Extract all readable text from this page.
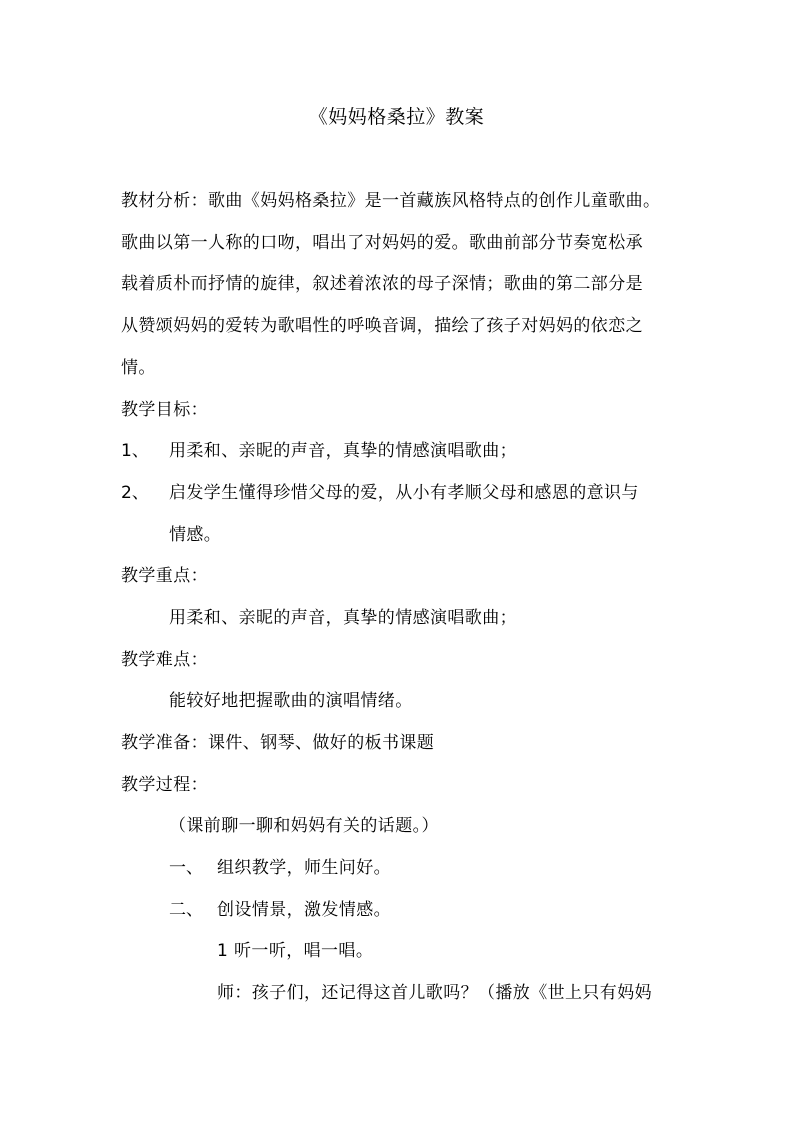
《妈妈格桑拉》教案
教材分析：歌曲《妈妈格桑拉》是一首藏族风格特点的创作儿童歌曲。
歌曲以第一人称的口吻，唱出了对妈妈的爱。歌曲前部分节奏宽松承
载着质朴而抒情的旋律，叙述着浓浓的母子深情；歌曲的第二部分是
从赞颂妈妈的爱转为歌唱性的呼唤音调，描绘了孩子对妈妈的依恋之
情。
教学目标：
1、 用柔和、亲昵的声音，真挚的情感演唱歌曲；
2、 启发学生懂得珍惜父母的爱，从小有孝顺父母和感恩的意识与
情感。
教学重点：
用柔和、亲昵的声音，真挚的情感演唱歌曲；
教学难点：
能较好地把握歌曲的演唱情绪。
教学准备：课件、钢琴、做好的板书课题
教学过程：
（课前聊一聊和妈妈有关的话题。）
一、 组织教学，师生问好。
二、 创设情景，激发情感。
1 听一听，唱一唱。
师：孩子们，还记得这首儿歌吗？（播放《世上只有妈妈
